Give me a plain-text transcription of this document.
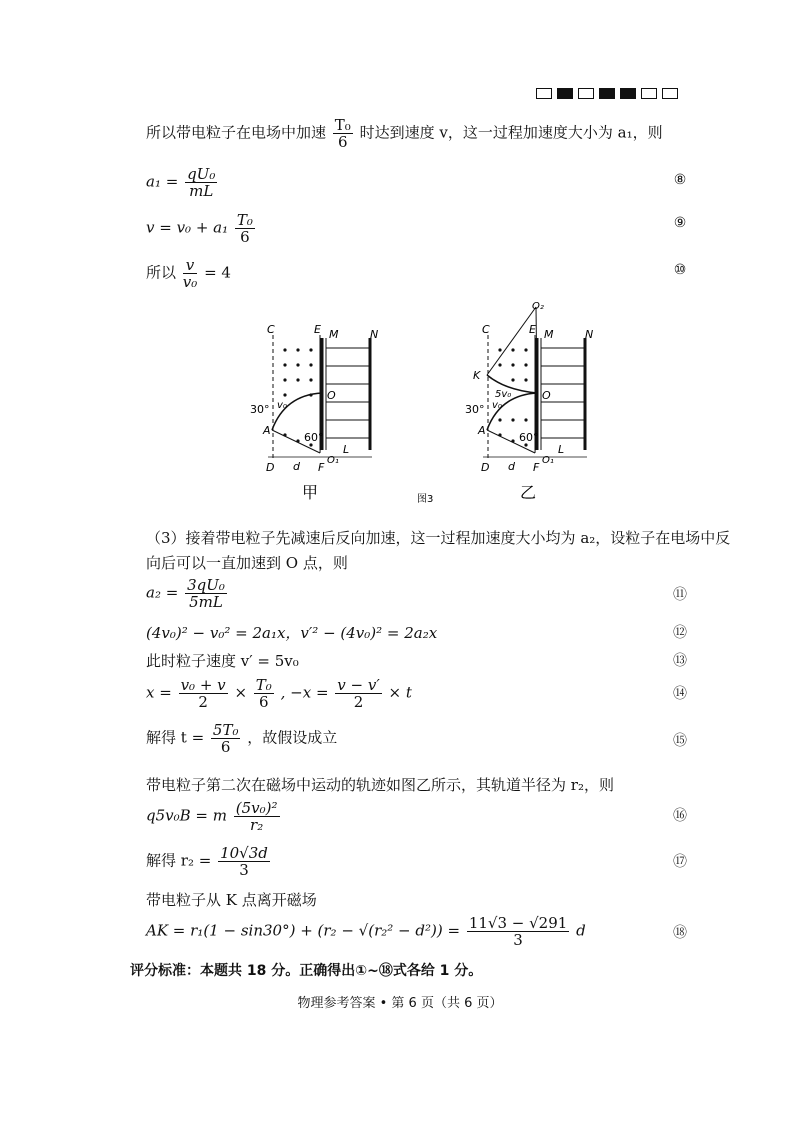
所以带电粒子在电场中加速 $\frac{\text{T₀}}{6}$ 时达到速度 v，这一过程加速度大小为 a₁，则
$a_1 = \frac{\text{qU₀}}{mL}$	⑧
$v = v_0 + a_1 \frac{\text{T₀}}{6}$	⑨
所以 $\frac{v}{\text{v₀}} = 4$	⑩
C	E M	N
O
A
D	F
O₁
d
L
v₀
30°
60°
甲	图3
O₂
C	E M	N
K
O
A
D	F
O₁
d
L
v₀
5v₀
30°
60°
乙
（3）接着带电粒子先减速后反向加速，这一过程加速度大小均为 a₂，设粒子在电场中反
向后可以一直加速到 O 点，则
$a_2 = \frac{\text{3qU₀}}{5mL}$	⑪
(4v₀)² − v₀² = 2a₁x，v′² − (4v₀)² = 2a₂x	⑫
此时粒子速度 v′ = 5v₀	⑬
$x = \frac{\text{v₀ + v}}{2} \times \frac{\text{T₀}}{6}$ , $-x = \frac{v - v'}{2} \times t$	⑭
解得 $t = \frac{\text{5T₀}}{6}$ ，故假设成立	⑮
带电粒子第二次在磁场中运动的轨迹如图乙所示，其轨道半径为 r₂，则
q5v₀B = m $\frac{\text{(5v₀)²}}{\text{r₂}}$	⑯
解得 $r_2 = \frac{10√3d}{3}$	⑰
带电粒子从 K 点离开磁场
AK = $r_1(1 - \sin 30^\circ) + (r_2 - √(r_2^2 - d^2)) = \frac{11√3 - √291}{3}$ d	⑱
评分标准：本题共 18 分。正确得出①~⑱式各给 1 分。
物理参考答案 • 第 6 页（共 6 页）
